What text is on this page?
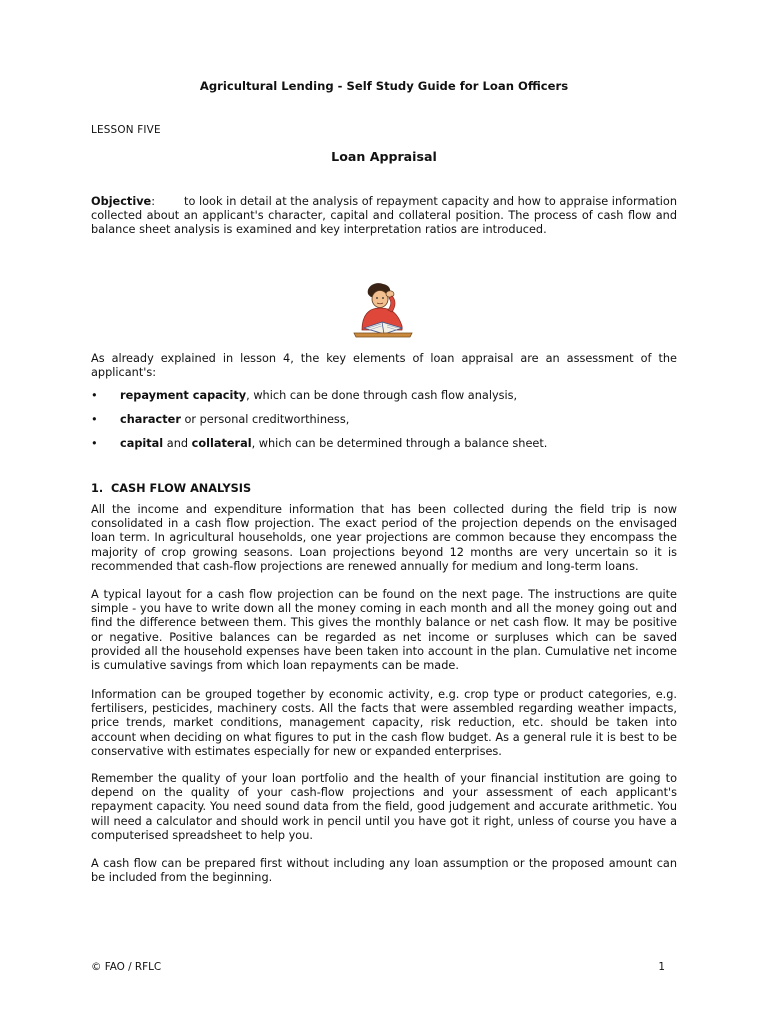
Agricultural Lending - Self Study Guide for Loan Officers
LESSON FIVE
Loan Appraisal

Objective:	to look in detail at the analysis of repayment capacity and how to appraise information collected about an applicant's character, capital and collateral position. The process of cash flow and balance sheet analysis is examined and key interpretation ratios are introduced.

As already explained in lesson 4, the key elements of loan appraisal are an assessment of the applicant's:

• repayment capacity, which can be done through cash flow analysis,
• character or personal creditworthiness,
• capital and collateral, which can be determined through a balance sheet.
1. CASH FLOW ANALYSIS

All the income and expenditure information that has been collected during the field trip is now consolidated in a cash flow projection. The exact period of the projection depends on the envisaged loan term. In agricultural households, one year projections are common because they encompass the majority of crop growing seasons. Loan projections beyond 12 months are very uncertain so it is recommended that cash-flow projections are renewed annually for medium and long-term loans.

A typical layout for a cash flow projection can be found on the next page. The instructions are quite simple - you have to write down all the money coming in each month and all the money going out and find the difference between them. This gives the monthly balance or net cash flow. It may be positive or negative. Positive balances can be regarded as net income or surpluses which can be saved provided all the household expenses have been taken into account in the plan. Cumulative net income is cumulative savings from which loan repayments can be made.

Information can be grouped together by economic activity, e.g. crop type or product categories, e.g. fertilisers, pesticides, machinery costs. All the facts that were assembled regarding weather impacts, price trends, market conditions, management capacity, risk reduction, etc. should be taken into account when deciding on what figures to put in the cash flow budget. As a general rule it is best to be conservative with estimates especially for new or expanded enterprises.

Remember the quality of your loan portfolio and the health of your financial institution are going to depend on the quality of your cash-flow projections and your assessment of each applicant's repayment capacity. You need sound data from the field, good judgement and accurate arithmetic. You will need a calculator and should work in pencil until you have got it right, unless of course you have a computerised spreadsheet to help you.

A cash flow can be prepared first without including any loan assumption or the proposed amount can be included from the beginning.

© FAO / RFLC	1
